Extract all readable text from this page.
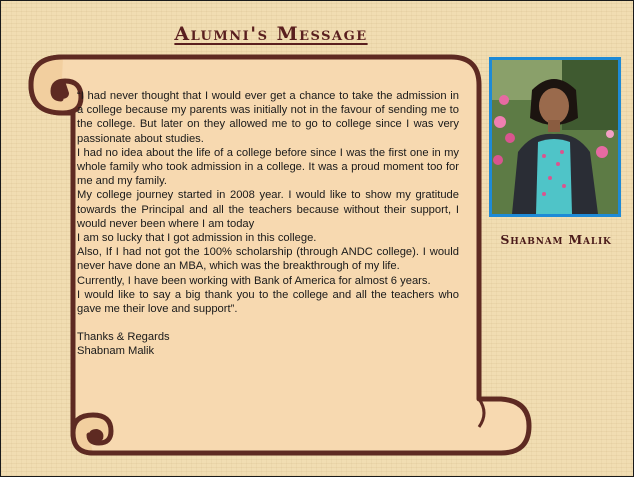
Alumni's Message

“I had never thought that I would ever get a chance to take the admission in a college because my parents was initially not in the favour of sending me to the college. But later on they allowed me to go to college since I was very passionate about studies.

I had no idea about the life of a college before since I was the first one in my whole family who took admission in a college. It was a proud moment too for me and my family.

My college journey started in 2008 year. I would like to show my gratitude towards the Principal and all the teachers because without their support, I would never been where I am today

I am so lucky that I got admission in this college.

Also, If I had not got the 100% scholarship (through ANDC college). I would never have done an MBA, which was the breakthrough of my life.

Currently, I have been working with Bank of America for almost 6 years.

I would like to say a big thank you to the college and all the teachers who gave me their love and support”.

Thanks & Regards

Shabnam Malik

Shabnam Malik
